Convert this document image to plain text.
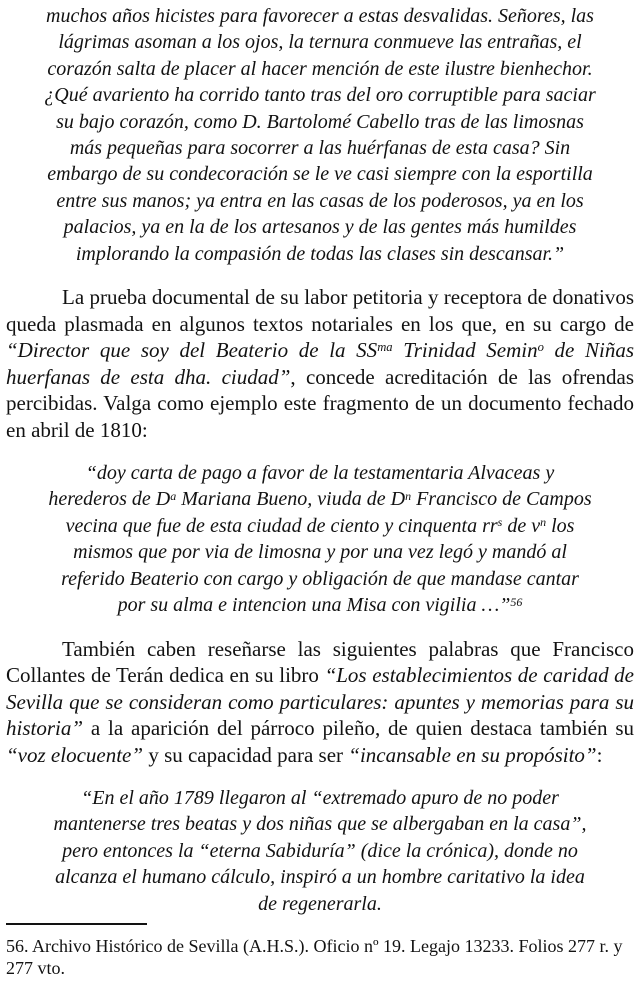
muchos años hicistes para favorecer a estas desvalidas. Señores, las
lágrimas asoman a los ojos, la ternura conmueve las entrañas, el
corazón salta de placer al hacer mención de este ilustre bienhechor.
¿Qué avariento ha corrido tanto tras del oro corruptible para saciar
su bajo corazón, como D. Bartolomé Cabello tras de las limosnas
más pequeñas para socorrer a las huérfanas de esta casa? Sin
embargo de su condecoración se le ve casi siempre con la esportilla
entre sus manos; ya entra en las casas de los poderosos, ya en los
palacios, ya en la de los artesanos y de las gentes más humildes
implorando la compasión de todas las clases sin descansar.”
La prueba documental de su labor petitoria y receptora de donativos queda plasmada en algunos textos notariales en los que, en su cargo de “Director que soy del Beaterio de la $SS^{ma}$ Trinidad Semin$^o$ de Niñas huerfanas de esta dha. ciudad”, concede acreditación de las ofrendas percibidas. Valga como ejemplo este fragmento de un documento fechado en abril de 1810:
“doy carta de pago a favor de la testamentaria Alvaceas y
herederos de $D^a$ Mariana Bueno, viuda de $D^n$ Francisco de Campos
vecina que fue de esta ciudad de ciento y cinquenta $rr^s$ de $v^n$ los
mismos que por via de limosna y por una vez legó y mandó al
referido Beaterio con cargo y obligación de que mandase cantar
por su alma e intencion una Misa con vigilia …”$^{56}$
También caben reseñarse las siguientes palabras que Francisco Collantes de Terán dedica en su libro “Los establecimientos de caridad de Sevilla que se consideran como particulares: apuntes y memorias para su historia” a la aparición del párroco pileño, de quien destaca también su “voz elocuente” y su capacidad para ser “incansable en su propósito”:
“En el año 1789 llegaron al “extremado apuro de no poder
mantenerse tres beatas y dos niñas que se albergaban en la casa”,
pero entonces la “eterna Sabiduría” (dice la crónica), donde no
alcanza el humano cálculo, inspiró a un hombre caritativo la idea
de regenerarla.
56. Archivo Histórico de Sevilla (A.H.S.). Oficio nº 19. Legajo 13233. Folios 277 r. y 277 vto.
